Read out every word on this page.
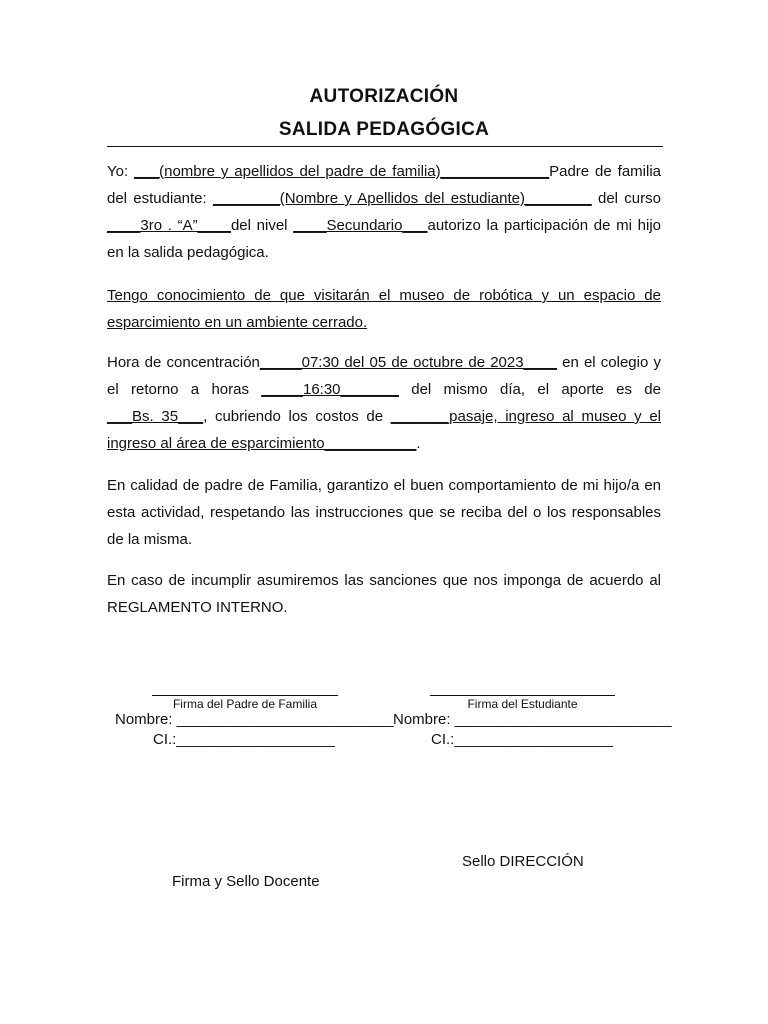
AUTORIZACIÓN
SALIDA PEDAGÓGICA
Yo: ___(nombre y apellidos del padre de familia)_____________Padre de familia del estudiante: ________(Nombre y Apellidos del estudiante)________ del curso ____3ro . “A”____del nivel ____Secundario___autorizo la participación de mi hijo en la salida pedagógica.
Tengo conocimiento de que visitarán el museo de robótica y un espacio de esparcimiento en un ambiente cerrado.
Hora de concentración_____07:30 del 05 de octubre de 2023____ en el colegio y el retorno a horas _____16:30_______ del mismo día, el aporte es de ___Bs. 35___, cubriendo los costos de _______pasaje, ingreso al museo y el ingreso al área de esparcimiento___________.
En calidad de padre de Familia, garantizo el buen comportamiento de mi hijo/a en esta actividad, respetando las instrucciones que se reciba del o los responsables de la misma.
En caso de incumplir asumiremos las sanciones que nos imponga de acuerdo al REGLAMENTO INTERNO.
Firma del Padre de Familia
Nombre: __________________________
CI.:___________________
Firma del Estudiante
Nombre: __________________________
CI.:___________________
Sello DIRECCIÓN
Firma y Sello Docente
